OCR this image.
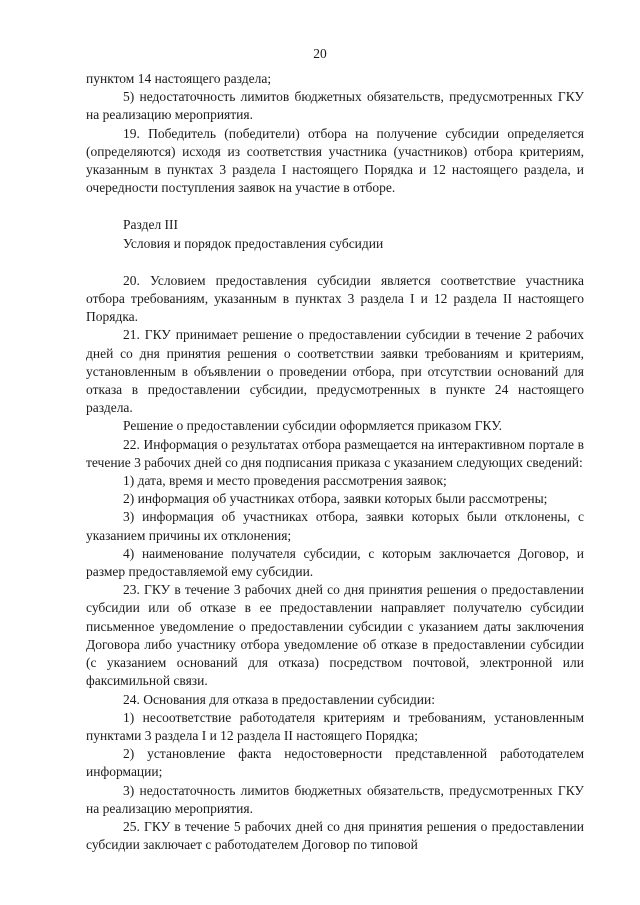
20

пунктом 14 настоящего раздела;

5) недостаточность лимитов бюджетных обязательств, предусмотренных ГКУ на реализацию мероприятия.

19. Победитель (победители) отбора на получение субсидии определяется (определяются) исходя из соответствия участника (участников) отбора критериям, указанным в пунктах 3 раздела I настоящего Порядка и 12 настоящего раздела, и очередности поступления заявок на участие в отборе.

Раздел III

Условия и порядок предоставления субсидии

20. Условием предоставления субсидии является соответствие участника отбора требованиям, указанным в пунктах 3 раздела I и 12 раздела II настоящего Порядка.

21. ГКУ принимает решение о предоставлении субсидии в течение 2 рабочих дней со дня принятия решения о соответствии заявки требованиям и критериям, установленным в объявлении о проведении отбора, при отсутствии оснований для отказа в предоставлении субсидии, предусмотренных в пункте 24 настоящего раздела.

Решение о предоставлении субсидии оформляется приказом ГКУ.

22. Информация о результатах отбора размещается на интерактивном портале в течение 3 рабочих дней со дня подписания приказа с указанием следующих сведений:

1) дата, время и место проведения рассмотрения заявок;

2) информация об участниках отбора, заявки которых были рассмотрены;

3) информация об участниках отбора, заявки которых были отклонены, с указанием причины их отклонения;

4) наименование получателя субсидии, с которым заключается Договор, и размер предоставляемой ему субсидии.

23. ГКУ в течение 3 рабочих дней со дня принятия решения о предоставлении субсидии или об отказе в ее предоставлении направляет получателю субсидии письменное уведомление о предоставлении субсидии с указанием даты заключения Договора либо участнику отбора уведомление об отказе в предоставлении субсидии (с указанием оснований для отказа) посредством почтовой, электронной или факсимильной связи.

24. Основания для отказа в предоставлении субсидии:

1) несоответствие работодателя критериям и требованиям, установленным пунктами 3 раздела I и 12 раздела II настоящего Порядка;

2) установление факта недостоверности представленной работодателем информации;

3) недостаточность лимитов бюджетных обязательств, предусмотренных ГКУ на реализацию мероприятия.

25. ГКУ в течение 5 рабочих дней со дня принятия решения о предоставлении субсидии заключает с работодателем Договор по типовой
